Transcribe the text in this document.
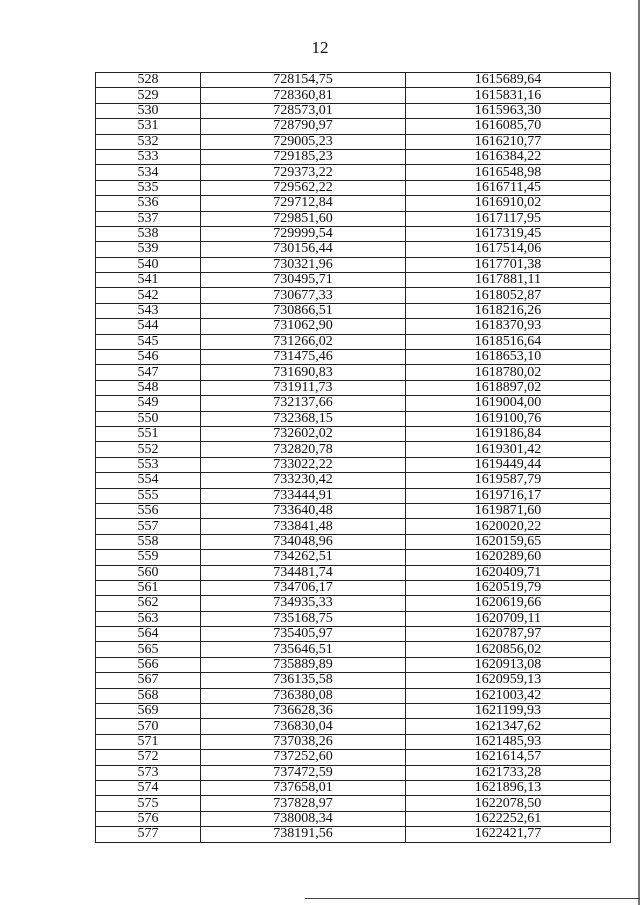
12
528	728154,75	1615689,64
529	728360,81	1615831,16
530	728573,01	1615963,30
531	728790,97	1616085,70
532	729005,23	1616210,77
533	729185,23	1616384,22
534	729373,22	1616548,98
535	729562,22	1616711,45
536	729712,84	1616910,02
537	729851,60	1617117,95
538	729999,54	1617319,45
539	730156,44	1617514,06
540	730321,96	1617701,38
541	730495,71	1617881,11
542	730677,33	1618052,87
543	730866,51	1618216,26
544	731062,90	1618370,93
545	731266,02	1618516,64
546	731475,46	1618653,10
547	731690,83	1618780,02
548	731911,73	1618897,02
549	732137,66	1619004,00
550	732368,15	1619100,76
551	732602,02	1619186,84
552	732820,78	1619301,42
553	733022,22	1619449,44
554	733230,42	1619587,79
555	733444,91	1619716,17
556	733640,48	1619871,60
557	733841,48	1620020,22
558	734048,96	1620159,65
559	734262,51	1620289,60
560	734481,74	1620409,71
561	734706,17	1620519,79
562	734935,33	1620619,66
563	735168,75	1620709,11
564	735405,97	1620787,97
565	735646,51	1620856,02
566	735889,89	1620913,08
567	736135,58	1620959,13
568	736380,08	1621003,42
569	736628,36	1621199,93
570	736830,04	1621347,62
571	737038,26	1621485,93
572	737252,60	1621614,57
573	737472,59	1621733,28
574	737658,01	1621896,13
575	737828,97	1622078,50
576	738008,34	1622252,61
577	738191,56	1622421,77
